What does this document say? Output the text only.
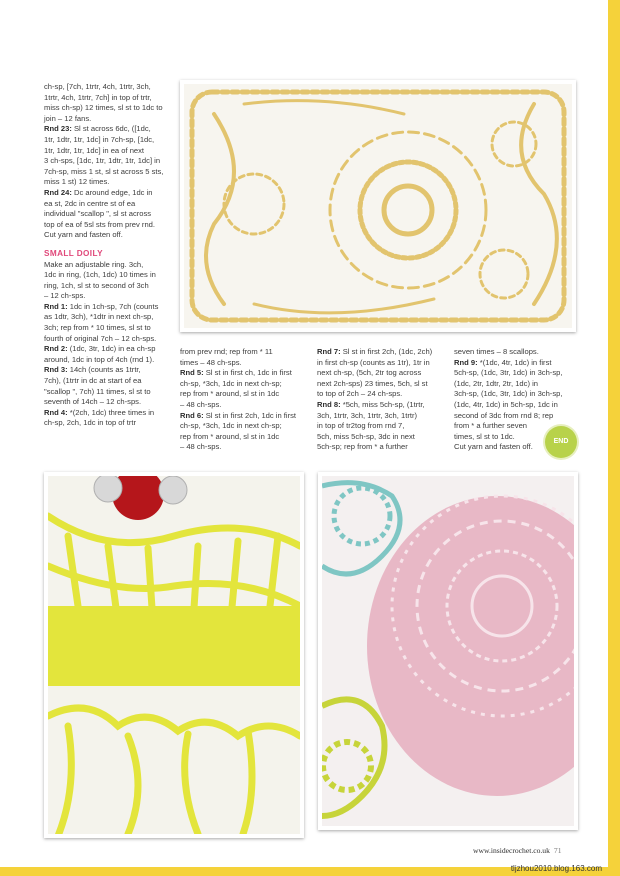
ch-sp, [7ch, 1trtr, 4ch, 1trtr, 3ch,

1trtr, 4ch, 1trtr, 7ch] in top of trtr,

miss ch-sp) 12 times, sl st to 1dc to

join – 12 fans.

Rnd 23: Sl st across 6dc, ([1dc,

1tr, 1dtr, 1tr, 1dc] in 7ch-sp, [1dc,

1tr, 1dtr, 1tr, 1dc] in ea of next

3 ch-sps, [1dc, 1tr, 1dtr, 1tr, 1dc] in

7ch-sp, miss 1 st, sl st across 5 sts,

miss 1 st) 12 times.

Rnd 24: Dc around edge, 1dc in

ea st, 2dc in centre st of ea

individual "scallop ", sl st across

top of ea of 5sl sts from prev rnd.

Cut yarn and fasten off.

SMALL DOILY

Make an adjustable ring. 3ch,

1dc in ring, (1ch, 1dc) 10 times in

ring, 1ch, sl st to second of 3ch

– 12 ch-sps.

Rnd 1: 1dc in 1ch-sp, 7ch (counts

as 1dtr, 3ch), *1dtr in next ch-sp,

3ch; rep from * 10 times, sl st to

fourth of original 7ch – 12 ch-sps.

Rnd 2: (1dc, 3tr, 1dc) in ea ch-sp

around, 1dc in top of 4ch (rnd 1).

Rnd 3: 14ch (counts as 1trtr,

7ch), (1trtr in dc at start of ea

"scallop ", 7ch) 11 times, sl st to

seventh of 14ch – 12 ch-sps.

Rnd 4: *(2ch, 1dc) three times in

ch-sp, 2ch, 1dc in top of trtr

from prev rnd; rep from * 11

times – 48 ch-sps.

Rnd 5: Sl st in first ch, 1dc in first

ch-sp, *3ch, 1dc in next ch-sp;

rep from * around, sl st in 1dc

– 48 ch-sps.

Rnd 6: Sl st in first 2ch, 1dc in first

ch-sp, *3ch, 1dc in next ch-sp;

rep from * around, sl st in 1dc

– 48 ch-sps.

Rnd 7: Sl st in first 2ch, (1dc, 2ch)

in first ch-sp (counts as 1tr), 1tr in

next ch-sp, (5ch, 2tr tog across

next 2ch-sps) 23 times, 5ch, sl st

to top of 2ch – 24 ch-sps.

Rnd 8: *5ch, miss 5ch-sp, (1trtr,

3ch, 1trtr, 3ch, 1trtr, 3ch, 1trtr)

in top of tr2tog from rnd 7,

5ch, miss 5ch-sp, 3dc in next

5ch-sp; rep from * a further

seven times – 8 scallops.

Rnd 9: *(1dc, 4tr, 1dc) in first

5ch-sp, (1dc, 3tr, 1dc) in 3ch-sp,

(1dc, 2tr, 1dtr, 2tr, 1dc) in

3ch-sp, (1dc, 3tr, 1dc) in 3ch-sp,

(1dc, 4tr, 1dc) in 5ch-sp, 1dc in

second of 3dc from rnd 8; rep

from * a further seven

times, sl st to 1dc.

Cut yarn and fasten off.

END
www.insidecrochet.co.uk 71
tljzhou2010.blog.163.com
